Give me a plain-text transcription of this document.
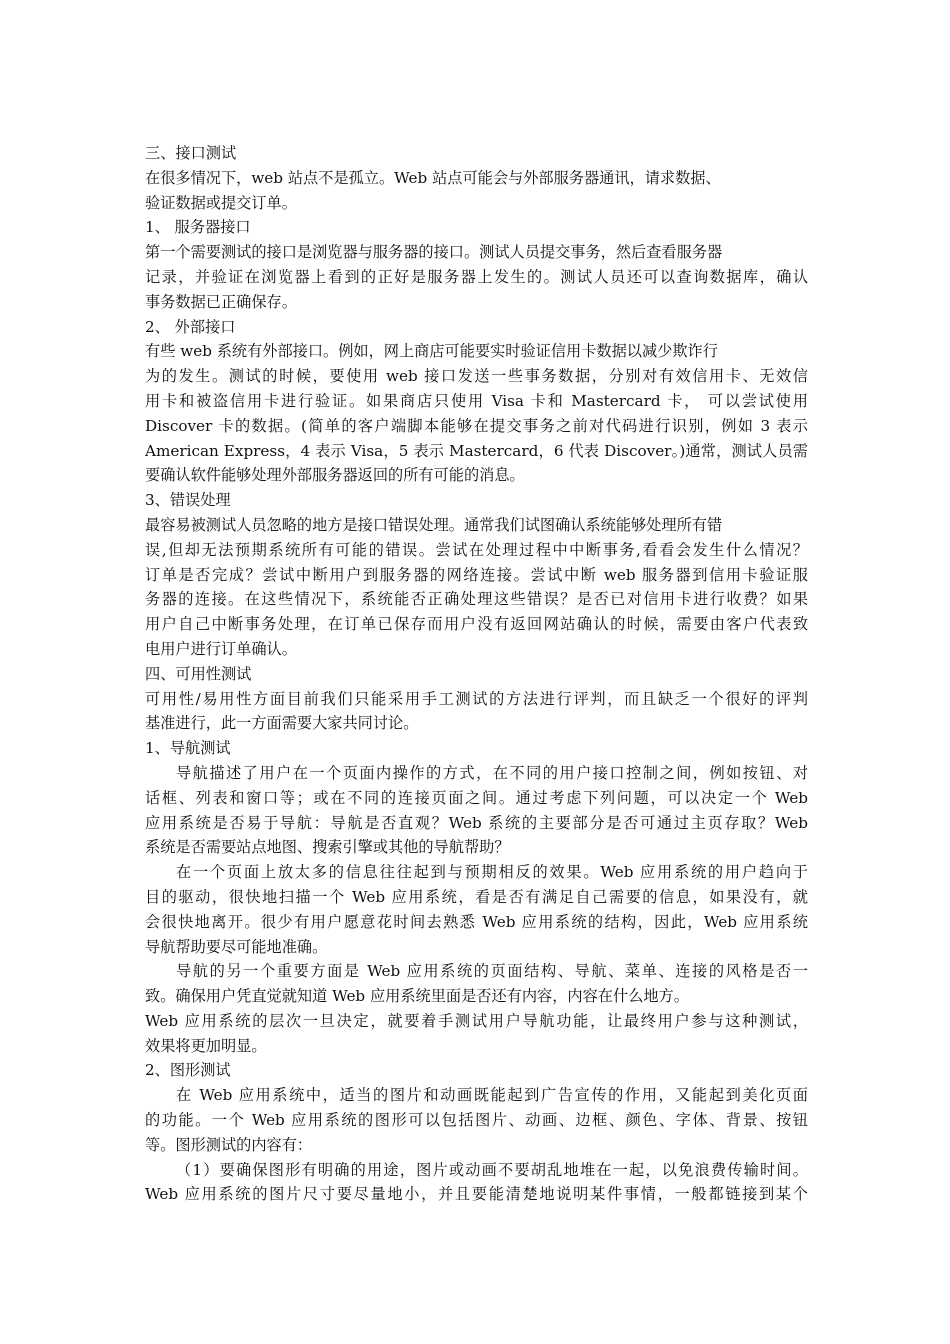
三、接口测试
在很多情况下，web 站点不是孤立。Web 站点可能会与外部服务器通讯，请求数据、
验证数据或提交订单。
1、 服务器接口
第一个需要测试的接口是浏览器与服务器的接口。测试人员提交事务，然后查看服务器
记录，并验证在浏览器上看到的正好是服务器上发生的。测试人员还可以查询数据库，确认
事务数据已正确保存。
2、 外部接口
有些 web 系统有外部接口。例如，网上商店可能要实时验证信用卡数据以减少欺诈行
为的发生。测试的时候，要使用 web 接口发送一些事务数据，分别对有效信用卡、无效信
用卡和被盗信用卡进行验证。如果商店只使用 Visa 卡和 Mastercard 卡， 可以尝试使用
Discover 卡的数据。(简单的客户端脚本能够在提交事务之前对代码进行识别，例如 3 表示
American Express，4 表示 Visa，5 表示 Mastercard，6 代表 Discover。)通常，测试人员需
要确认软件能够处理外部服务器返回的所有可能的消息。
3、错误处理
最容易被测试人员忽略的地方是接口错误处理。通常我们试图确认系统能够处理所有错
误,但却无法预期系统所有可能的错误。尝试在处理过程中中断事务,看看会发生什么情况？
订单是否完成？尝试中断用户到服务器的网络连接。尝试中断 web 服务器到信用卡验证服
务器的连接。在这些情况下，系统能否正确处理这些错误？是否已对信用卡进行收费？如果
用户自己中断事务处理，在订单已保存而用户没有返回网站确认的时候，需要由客户代表致
电用户进行订单确认。
四、可用性测试
可用性/易用性方面目前我们只能采用手工测试的方法进行评判，而且缺乏一个很好的评判
基准进行，此一方面需要大家共同讨论。
1、导航测试
导航描述了用户在一个页面内操作的方式，在不同的用户接口控制之间，例如按钮、对
话框、列表和窗口等；或在不同的连接页面之间。通过考虑下列问题，可以决定一个 Web
应用系统是否易于导航：导航是否直观？Web 系统的主要部分是否可通过主页存取？Web
系统是否需要站点地图、搜索引擎或其他的导航帮助？
在一个页面上放太多的信息往往起到与预期相反的效果。Web 应用系统的用户趋向于
目的驱动，很快地扫描一个 Web 应用系统，看是否有满足自己需要的信息，如果没有，就
会很快地离开。很少有用户愿意花时间去熟悉 Web 应用系统的结构，因此，Web 应用系统
导航帮助要尽可能地准确。
导航的另一个重要方面是 Web 应用系统的页面结构、导航、菜单、连接的风格是否一
致。确保用户凭直觉就知道 Web 应用系统里面是否还有内容，内容在什么地方。
Web 应用系统的层次一旦决定，就要着手测试用户导航功能，让最终用户参与这种测试，
效果将更加明显。
2、图形测试
在 Web 应用系统中，适当的图片和动画既能起到广告宣传的作用，又能起到美化页面
的功能。一个 Web 应用系统的图形可以包括图片、动画、边框、颜色、字体、背景、按钮
等。图形测试的内容有：
（1）要确保图形有明确的用途，图片或动画不要胡乱地堆在一起，以免浪费传输时间。
Web 应用系统的图片尺寸要尽量地小，并且要能清楚地说明某件事情，一般都链接到某个
